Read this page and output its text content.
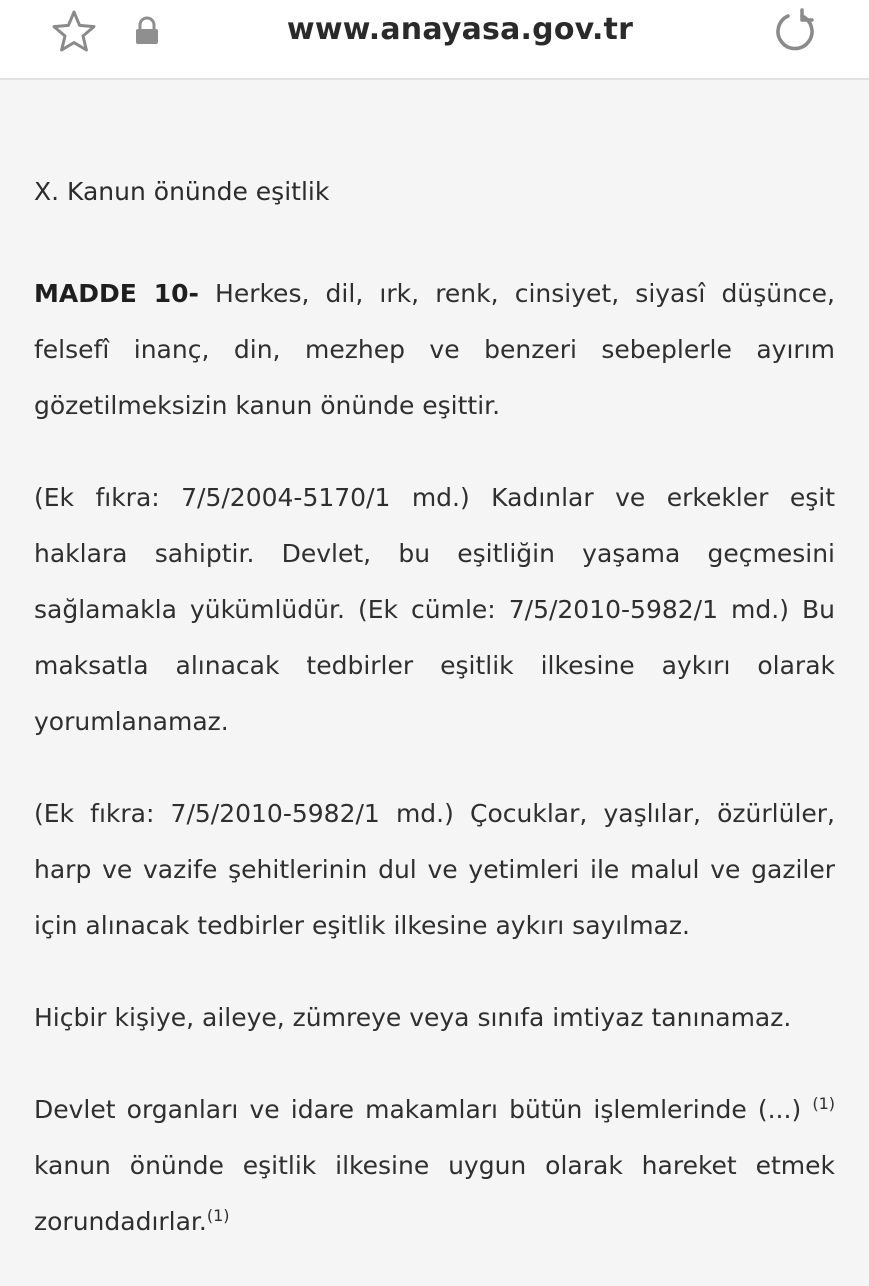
www.anayasa.gov.tr
X. Kanun önünde eşitlik

MADDE 10- Herkes, dil, ırk, renk, cinsiyet, siyasî düşünce, felsefî inanç, din, mezhep ve benzeri sebeplerle ayırım gözetilmeksizin kanun önünde eşittir.

(Ek fıkra: 7/5/2004-5170/1 md.) Kadınlar ve erkekler eşit haklara sahiptir. Devlet, bu eşitliğin yaşama geçmesini sağlamakla yükümlüdür. (Ek cümle: 7/5/2010-5982/1 md.) Bu maksatla alınacak tedbirler eşitlik ilkesine aykırı olarak yorumlanamaz.

(Ek fıkra: 7/5/2010-5982/1 md.) Çocuklar, yaşlılar, özürlüler, harp ve vazife şehitlerinin dul ve yetimleri ile malul ve gaziler için alınacak tedbirler eşitlik ilkesine aykırı sayılmaz.

Hiçbir kişiye, aileye, zümreye veya sınıfa imtiyaz tanınamaz.

Devlet organları ve idare makamları bütün işlemlerinde (...) $^{(1)}$ kanun önünde eşitlik ilkesine uygun olarak hareket etmek zorundadırlar.$^{(1)}$
